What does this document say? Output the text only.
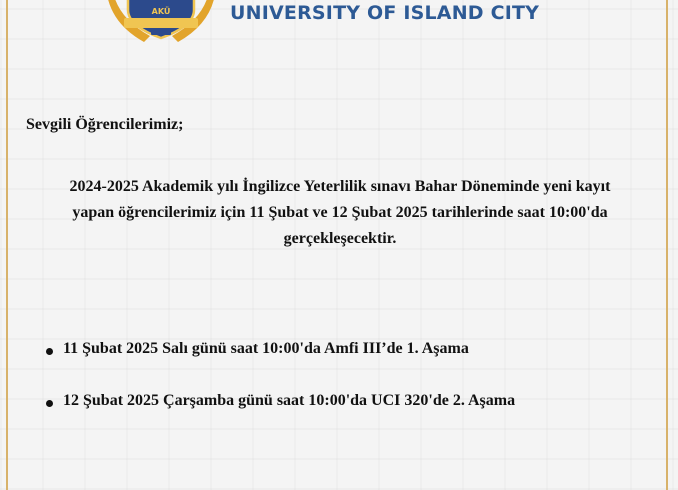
AKÜ	UNIVERSITY OF ISLAND CITY
Sevgili Öğrencilerimiz;
2024-2025 Akademik yılı İngilizce Yeterlilik sınavı Bahar Döneminde yeni kayıt
yapan öğrencilerimiz için 11 Şubat ve 12 Şubat 2025 tarihlerinde saat 10:00'da
gerçekleşecektir.
11 Şubat 2025 Salı günü saat 10:00'da Amfi III’de 1. Aşama
12 Şubat 2025 Çarşamba günü saat 10:00'da UCI 320'de 2. Aşama
